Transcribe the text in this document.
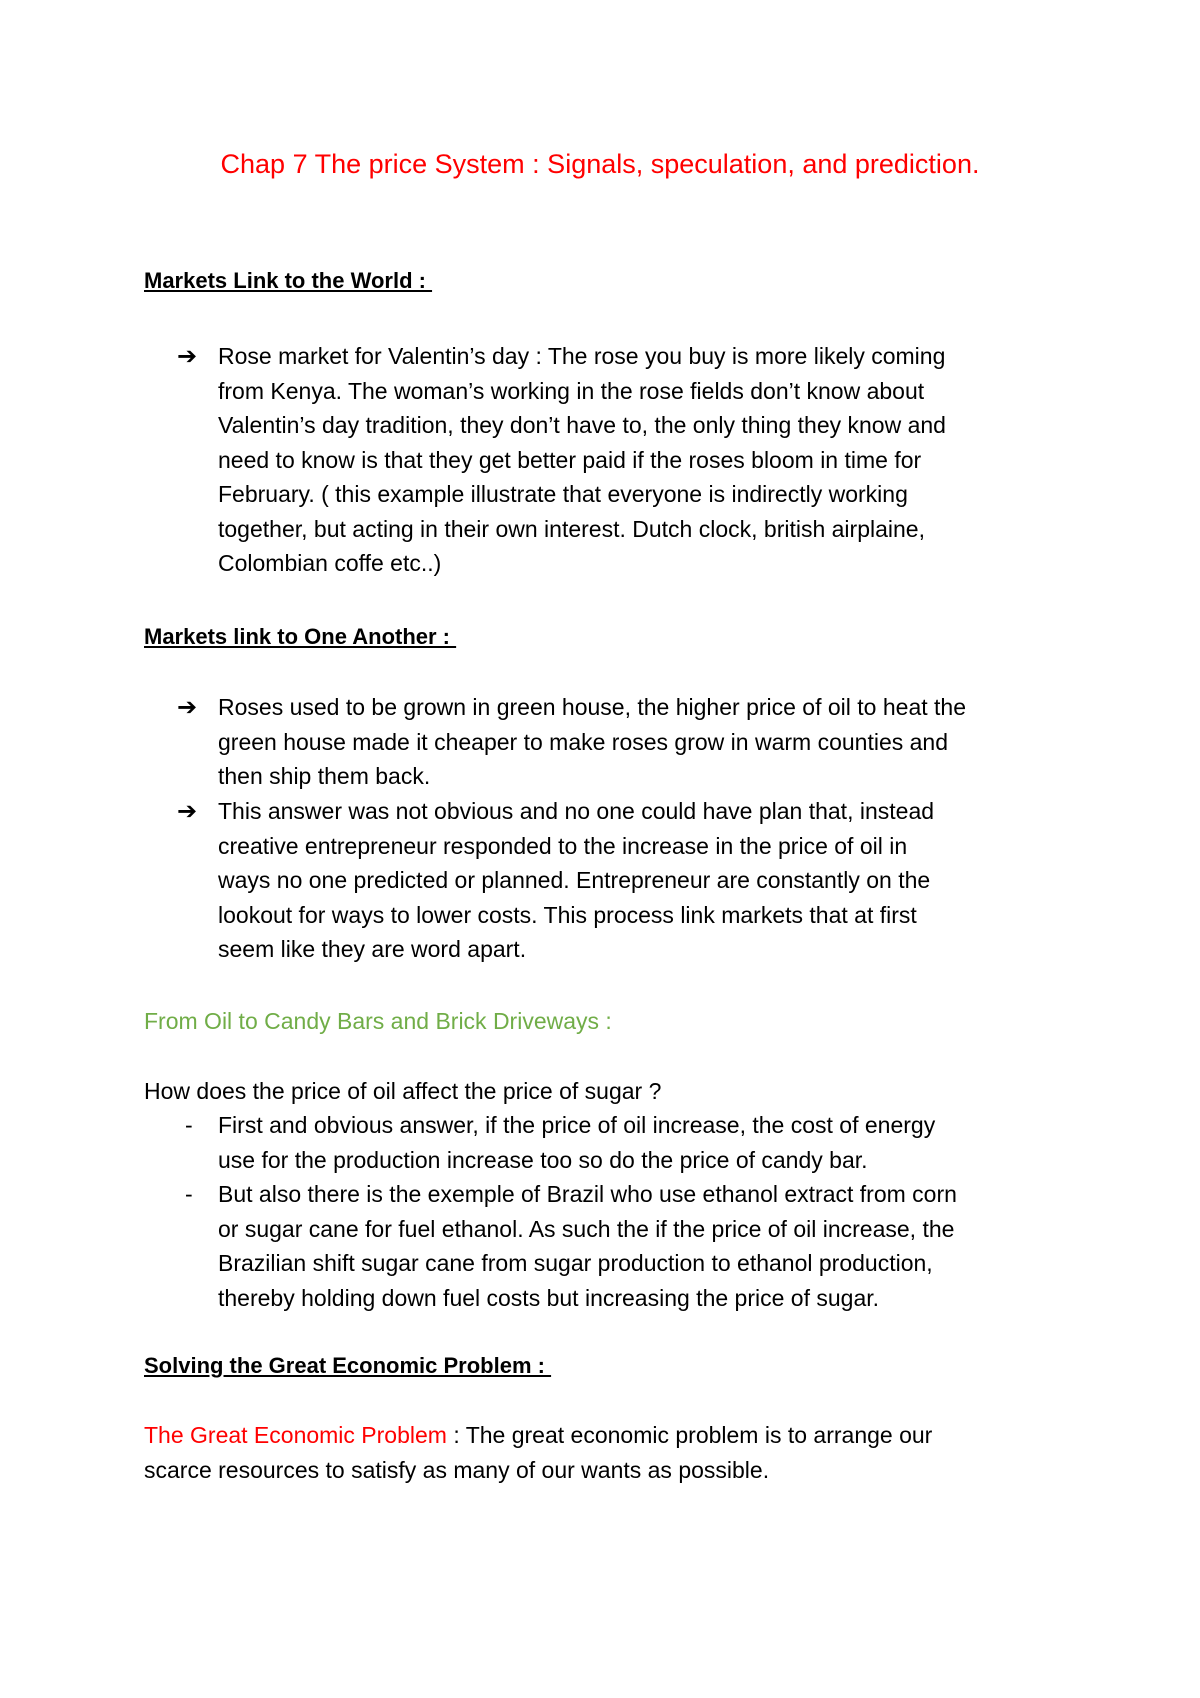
Chap 7 The price System : Signals, speculation, and prediction.
Markets Link to the World :
➔ Rose market for Valentin’s day : The rose you buy is more likely coming
from Kenya. The woman’s working in the rose fields don’t know about
Valentin’s day tradition, they don’t have to, the only thing they know and
need to know is that they get better paid if the roses bloom in time for
February. ( this example illustrate that everyone is indirectly working
together, but acting in their own interest. Dutch clock, british airplaine,
Colombian coffe etc..)
Markets link to One Another :
➔ Roses used to be grown in green house, the higher price of oil to heat the
green house made it cheaper to make roses grow in warm counties and
then ship them back.
➔ This answer was not obvious and no one could have plan that, instead
creative entrepreneur responded to the increase in the price of oil in
ways no one predicted or planned. Entrepreneur are constantly on the
lookout for ways to lower costs. This process link markets that at first
seem like they are word apart.
From Oil to Candy Bars and Brick Driveways :
How does the price of oil affect the price of sugar ?
-	First and obvious answer, if the price of oil increase, the cost of energy
use for the production increase too so do the price of candy bar.
-	But also there is the exemple of Brazil who use ethanol extract from corn
or sugar cane for fuel ethanol. As such the if the price of oil increase, the
Brazilian shift sugar cane from sugar production to ethanol production,
thereby holding down fuel costs but increasing the price of sugar.
Solving the Great Economic Problem :
The Great Economic Problem : The great economic problem is to arrange our
scarce resources to satisfy as many of our wants as possible.
